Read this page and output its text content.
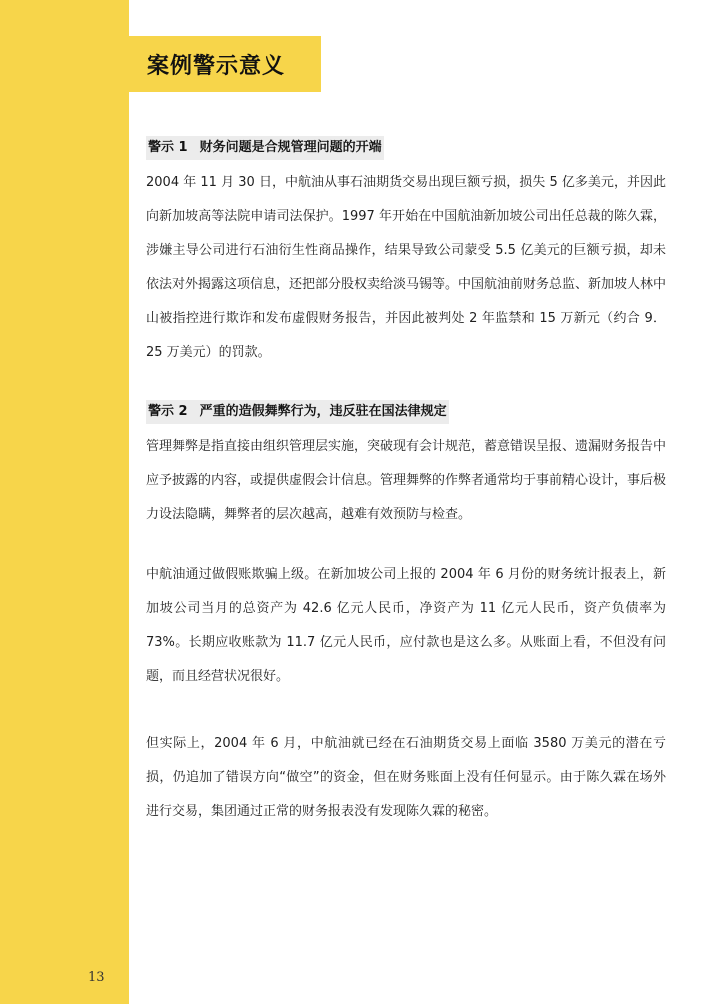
案例警示意义
警示 1 财务问题是合规管理问题的开端

2004 年 11 月 30 日，中航油从事石油期货交易出现巨额亏损，损失 5 亿多美元，并因此向新加坡高等法院申请司法保护。1997 年开始在中国航油新加坡公司出任总裁的陈久霖，涉嫌主导公司进行石油衍生性商品操作，结果导致公司蒙受 5.5 亿美元的巨额亏损，却未依法对外揭露这项信息，还把部分股权卖给淡马锡等。中国航油前财务总监、新加坡人林中山被指控进行欺诈和发布虚假财务报告，并因此被判处 2 年监禁和 15 万新元（约合 9．25 万美元）的罚款。

警示 2 严重的造假舞弊行为，违反驻在国法律规定

管理舞弊是指直接由组织管理层实施，突破现有会计规范，蓄意错误呈报、遗漏财务报告中应予披露的内容，或提供虚假会计信息。管理舞弊的作弊者通常均于事前精心设计，事后极力设法隐瞒，舞弊者的层次越高，越难有效预防与检查。

中航油通过做假账欺骗上级。在新加坡公司上报的 2004 年 6 月份的财务统计报表上，新加坡公司当月的总资产为 42.6 亿元人民币，净资产为 11 亿元人民币，资产负债率为 73%。长期应收账款为 11.7 亿元人民币，应付款也是这么多。从账面上看，不但没有问题，而且经营状况很好。

但实际上，2004 年 6 月，中航油就已经在石油期货交易上面临 3580 万美元的潜在亏损，仍追加了错误方向“做空”的资金，但在财务账面上没有任何显示。由于陈久霖在场外进行交易，集团通过正常的财务报表没有发现陈久霖的秘密。

13
